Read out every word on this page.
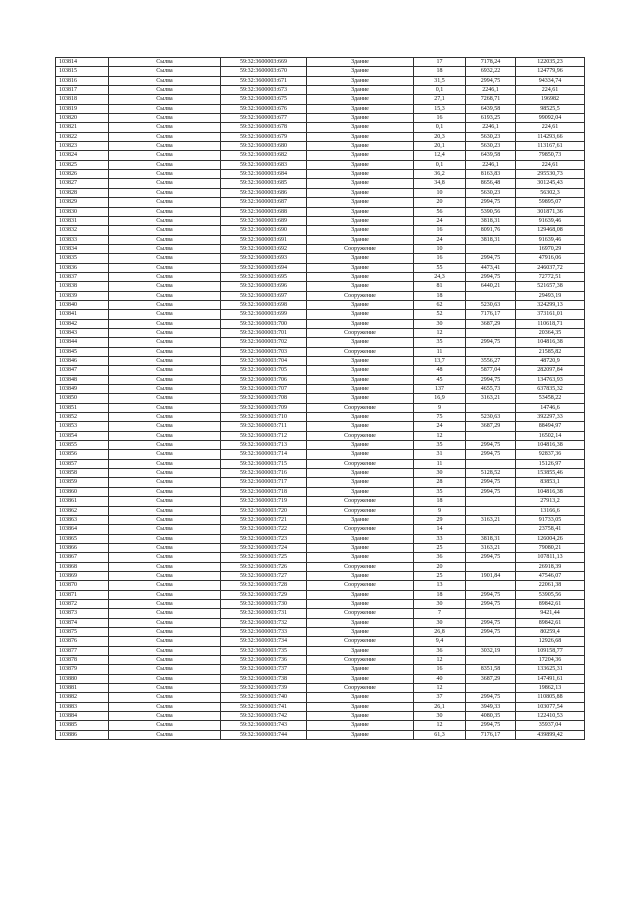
103814	Сылва	59:32:3600003:669	Здание	17	7178,24	122035,23
103815	Сылва	59:32:3600003:670	Здание	18	6932,22	124779,96
103816	Сылва	59:32:3600003:671	Здание	31,5	2994,75	94334,74
103817	Сылва	59:32:3600003:673	Здание	0,1	2246,1	224,61
103818	Сылва	59:32:3600003:675	Здание	27,1	7268,71	196982
103819	Сылва	59:32:3600003:676	Здание	15,3	6439,58	98525,5
103820	Сылва	59:32:3600003:677	Здание	16	6193,25	99092,04
103821	Сылва	59:32:3600003:678	Здание	0,1	2246,1	224,61
103822	Сылва	59:32:3600003:679	Здание	20,3	5630,23	114293,66
103823	Сылва	59:32:3600003:680	Здание	20,1	5630,23	113167,61
103824	Сылва	59:32:3600003:682	Здание	12,4	6439,58	79850,73
103825	Сылва	59:32:3600003:683	Здание	0,1	2246,1	224,61
103826	Сылва	59:32:3600003:684	Здание	36,2	8163,83	295530,73
103827	Сылва	59:32:3600003:685	Здание	34,8	8656,48	301245,43
103828	Сылва	59:32:3600003:686	Здание	10	5630,23	56302,3
103829	Сылва	59:32:3600003:687	Здание	20	2994,75	59895,07
103830	Сылва	59:32:3600003:688	Здание	56	5390,56	301871,36
103831	Сылва	59:32:3600003:689	Здание	24	3818,31	91639,46
103832	Сылва	59:32:3600003:690	Здание	16	8091,76	129468,08
103833	Сылва	59:32:3600003:691	Здание	24	3818,31	91639,46
103834	Сылва	59:32:3600003:692	Сооружение	10		16970,29
103835	Сылва	59:32:3600003:693	Здание	16	2994,75	47916,06
103836	Сылва	59:32:3600003:694	Здание	55	4473,41	246037,72
103837	Сылва	59:32:3600003:695	Здание	24,3	2994,75	72772,51
103838	Сылва	59:32:3600003:696	Здание	81	6440,21	521657,38
103839	Сылва	59:32:3600003:697	Сооружение	18		29493,19
103840	Сылва	59:32:3600003:698	Здание	62	5230,63	324299,13
103841	Сылва	59:32:3600003:699	Здание	52	7176,17	373161,01
103842	Сылва	59:32:3600003:700	Здание	30	3687,29	110618,71
103843	Сылва	59:32:3600003:701	Сооружение	12		20364,35
103844	Сылва	59:32:3600003:702	Здание	35	2994,75	104816,38
103845	Сылва	59:32:3600003:703	Сооружение	11		21585,82
103846	Сылва	59:32:3600003:704	Здание	13,7	3556,27	48720,9
103847	Сылва	59:32:3600003:705	Здание	48	5877,04	282097,84
103848	Сылва	59:32:3600003:706	Здание	45	2994,75	134763,93
103849	Сылва	59:32:3600003:707	Здание	137	4655,73	637835,32
103850	Сылва	59:32:3600003:708	Здание	16,9	3163,21	53458,22
103851	Сылва	59:32:3600003:709	Сооружение	9		14746,6
103852	Сылва	59:32:3600003:710	Здание	75	5230,63	392297,33
103853	Сылва	59:32:3600003:711	Здание	24	3687,29	88494,97
103854	Сылва	59:32:3600003:712	Сооружение	12		16502,14
103855	Сылва	59:32:3600003:713	Здание	35	2994,75	104816,38
103856	Сылва	59:32:3600003:714	Здание	31	2994,75	92837,36
103857	Сылва	59:32:3600003:715	Сооружение	11		15126,97
103858	Сылва	59:32:3600003:716	Здание	30	5128,52	153855,46
103859	Сылва	59:32:3600003:717	Здание	28	2994,75	83853,1
103860	Сылва	59:32:3600003:718	Здание	35	2994,75	104816,38
103861	Сылва	59:32:3600003:719	Сооружение	18		27913,2
103862	Сылва	59:32:3600003:720	Сооружение	9		13166,6
103863	Сылва	59:32:3600003:721	Здание	29	3163,21	91733,05
103864	Сылва	59:32:3600003:722	Сооружение	14		23758,41
103865	Сылва	59:32:3600003:723	Здание	33	3818,31	126004,26
103866	Сылва	59:32:3600003:724	Здание	25	3163,21	79080,21
103867	Сылва	59:32:3600003:725	Здание	36	2994,75	107811,13
103868	Сылва	59:32:3600003:726	Сооружение	20		26918,39
103869	Сылва	59:32:3600003:727	Здание	25	1901,84	47546,07
103870	Сылва	59:32:3600003:728	Сооружение	13		22061,38
103871	Сылва	59:32:3600003:729	Здание	18	2994,75	53905,56
103872	Сылва	59:32:3600003:730	Здание	30	2994,75	89842,61
103873	Сылва	59:32:3600003:731	Сооружение	7		9421,44
103874	Сылва	59:32:3600003:732	Здание	30	2994,75	89842,61
103875	Сылва	59:32:3600003:733	Здание	26,8	2994,75	80259,4
103876	Сылва	59:32:3600003:734	Сооружение	9,4		12926,68
103877	Сылва	59:32:3600003:735	Здание	36	3032,19	109158,77
103878	Сылва	59:32:3600003:736	Сооружение	12		17204,36
103879	Сылва	59:32:3600003:737	Здание	16	8351,58	133625,31
103880	Сылва	59:32:3600003:738	Здание	40	3687,29	147491,61
103881	Сылва	59:32:3600003:739	Сооружение	12		19862,13
103882	Сылва	59:32:3600003:740	Здание	37	2994,75	110805,88
103883	Сылва	59:32:3600003:741	Здание	26,1	3949,33	103077,54
103884	Сылва	59:32:3600003:742	Здание	30	4080,35	122410,53
103885	Сылва	59:32:3600003:743	Здание	12	2994,75	35937,04
103886	Сылва	59:32:3600003:744	Здание	61,3	7176,17	439899,42
